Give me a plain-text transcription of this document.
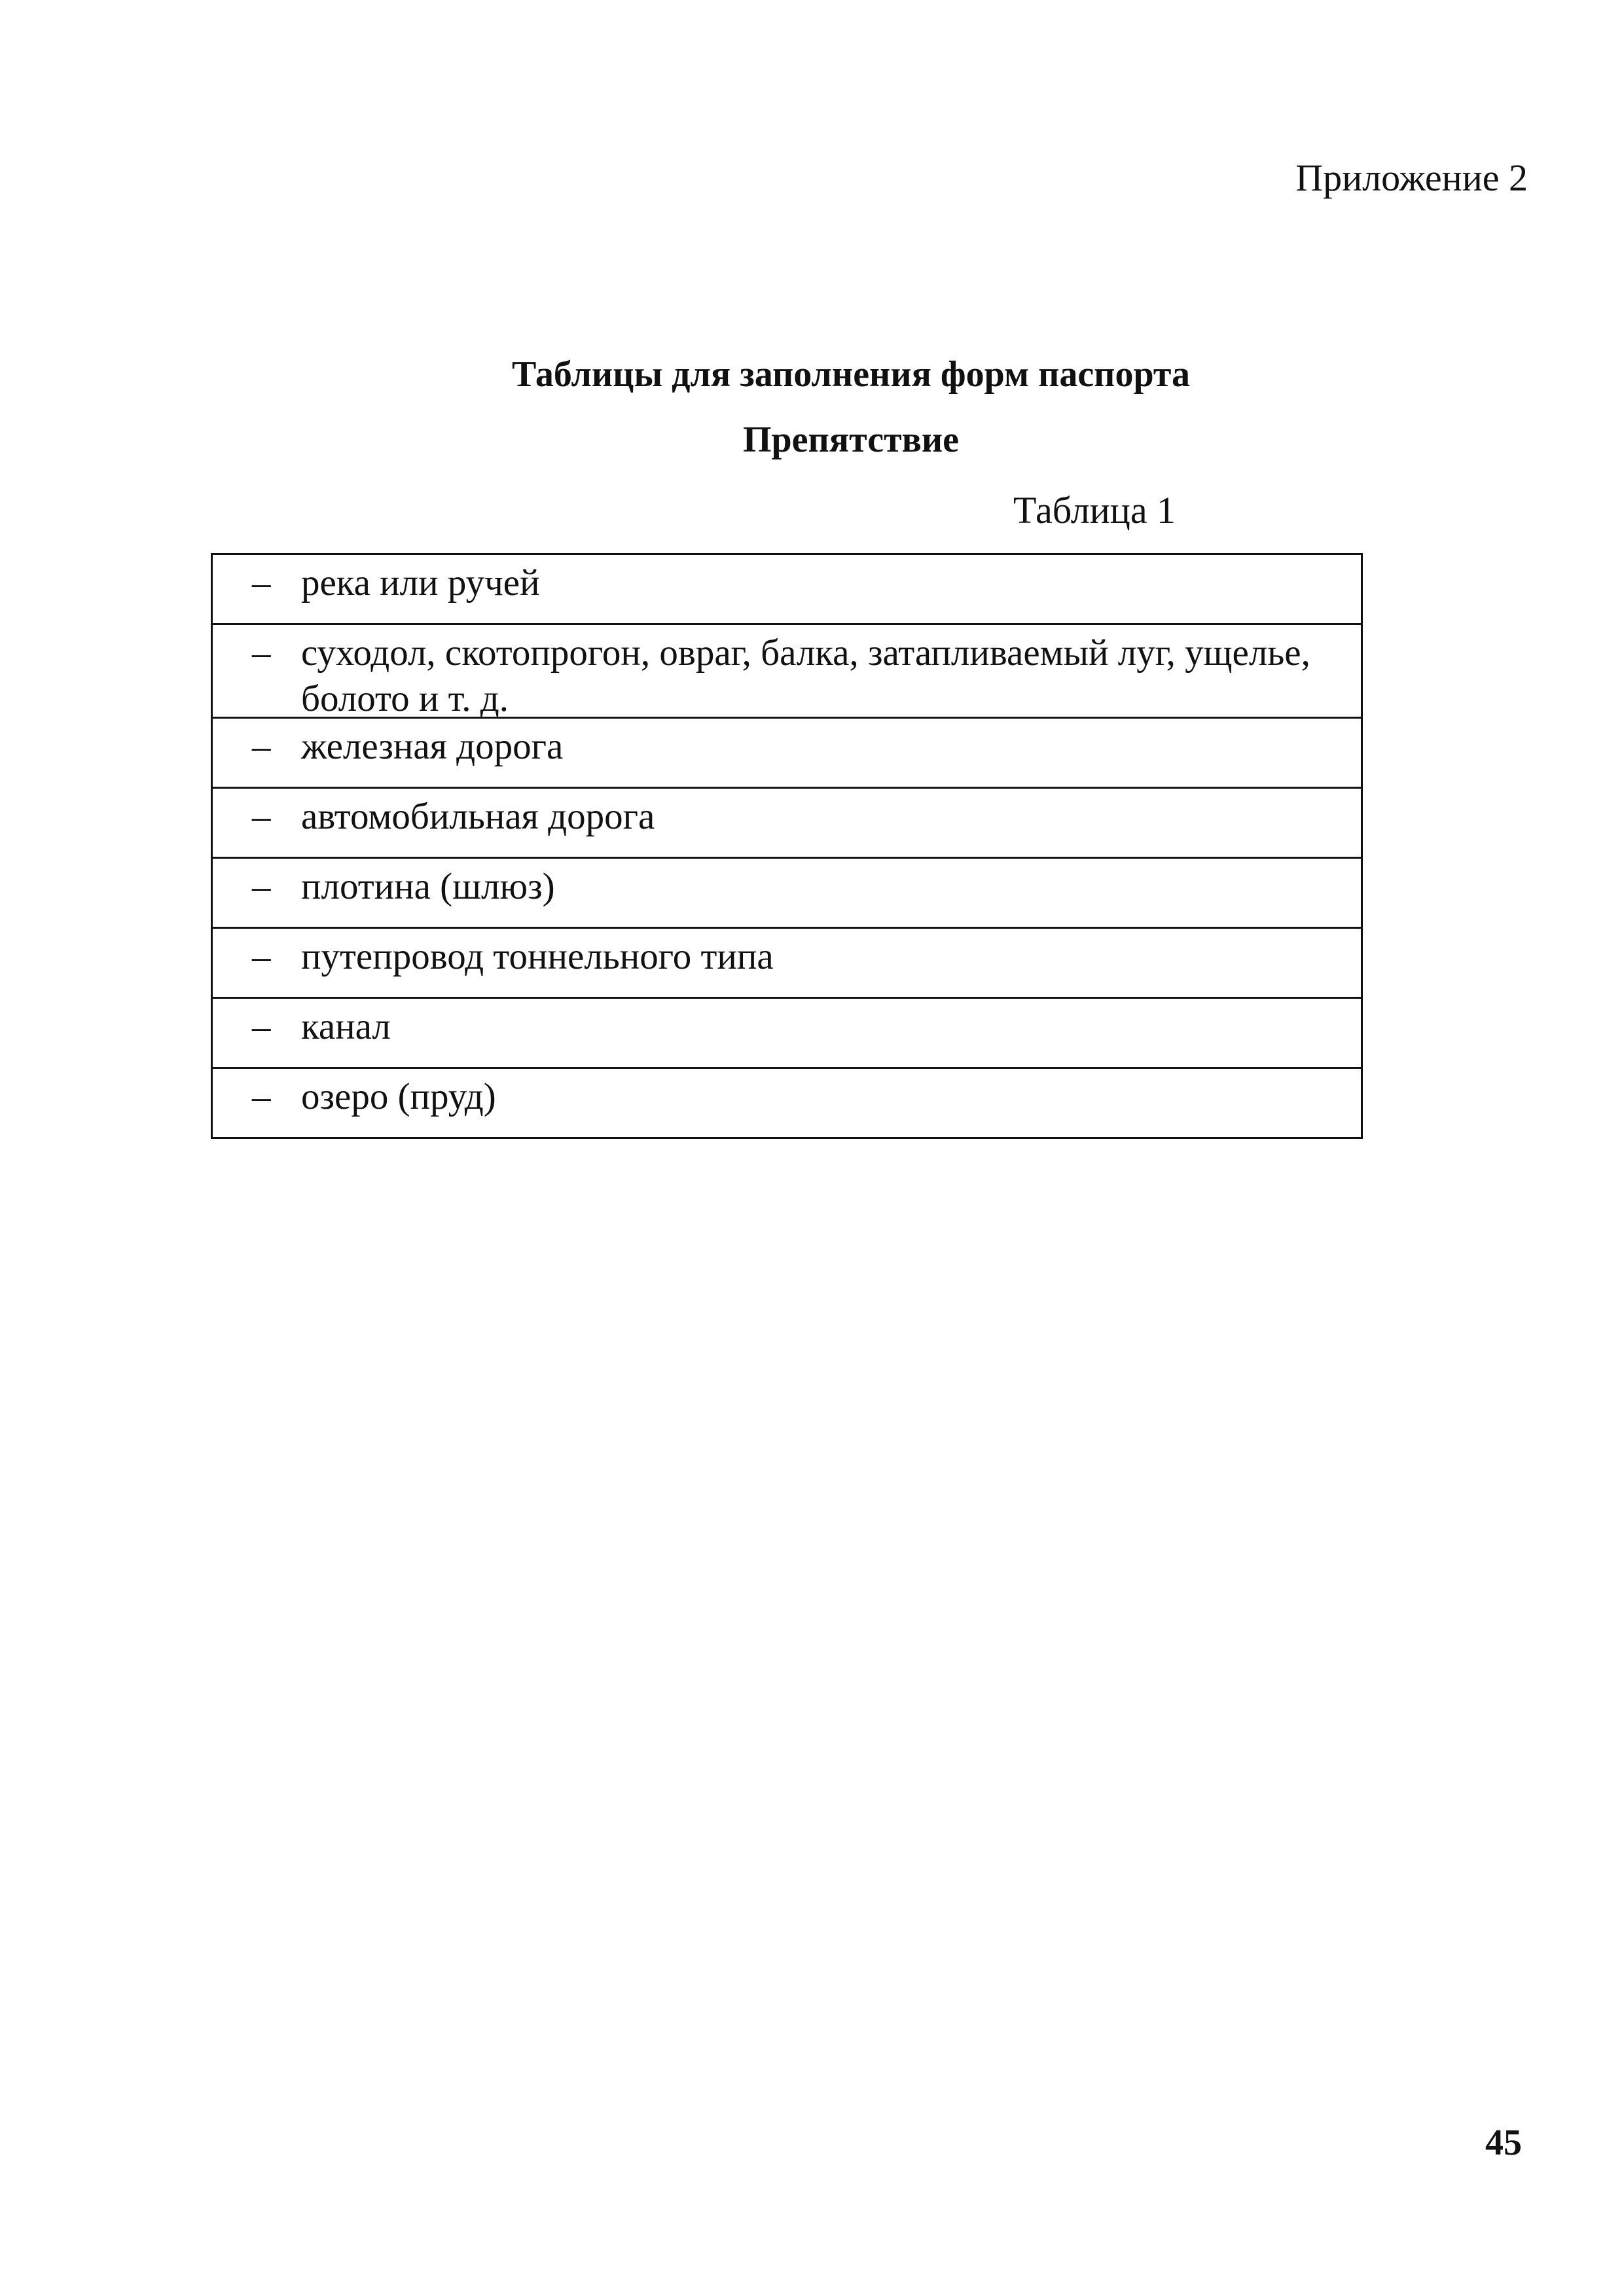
Приложение 2
Таблицы для заполнения форм паспорта
Препятствие
Таблица 1
– река или ручей

– суходол, скотопрогон, овраг, балка, затапливаемый луг, ущелье, болото и т. д.

– железная дорога

– автомобильная дорога

– плотина (шлюз)

– путепровод тоннельного типа

– канал

– озеро (пруд)
45
